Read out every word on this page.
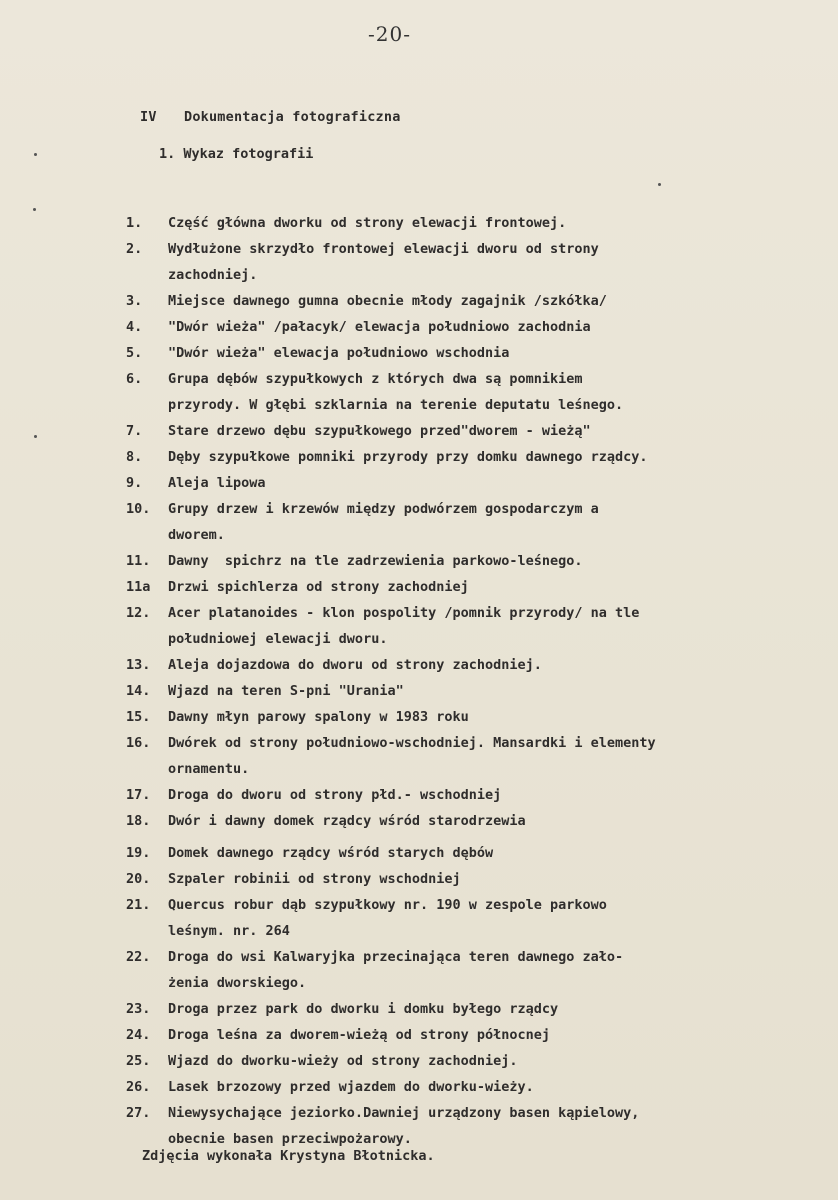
-20-
IV Dokumentacja fotograficzna
1. Wykaz fotografii
1.	Część główna dworku od strony elewacji frontowej.
2.	Wydłużone skrzydło frontowej elewacji dworu od strony
zachodniej.
3.	Miejsce dawnego gumna obecnie młody zagajnik /szkółka/
4.	"Dwór wieża" /pałacyk/ elewacja południowo zachodnia
5.	"Dwór wieża" elewacja południowo wschodnia
6.	Grupa dębów szypułkowych z których dwa są pomnikiem
przyrody. W głębi szklarnia na terenie deputatu leśnego.
7.	Stare drzewo dębu szypułkowego przed"dworem - wieżą"
8.	Dęby szypułkowe pomniki przyrody przy domku dawnego rządcy.
9.	Aleja lipowa
10.	Grupy drzew i krzewów między podwórzem gospodarczym a
dworem.
11.	Dawny  spichrz na tle zadrzewienia parkowo-leśnego.
11a	Drzwi spichlerza od strony zachodniej
12.	Acer platanoides - klon pospolity /pomnik przyrody/ na tle
południowej elewacji dworu.
13.	Aleja dojazdowa do dworu od strony zachodniej.
14.	Wjazd na teren S-pni "Urania"
15.	Dawny młyn parowy spalony w 1983 roku
16.	Dwórek od strony południowo-wschodniej. Mansardki i elementy
ornamentu.
17.	Droga do dworu od strony płd.- wschodniej
18.	Dwór i dawny domek rządcy wśród starodrzewia
19.	Domek dawnego rządcy wśród starych dębów
20.	Szpaler robinii od strony wschodniej
21.	Quercus robur dąb szypułkowy nr. 190 w zespole parkowo
leśnym. nr. 264
22.	Droga do wsi Kalwaryjka przecinająca teren dawnego zało-
żenia dworskiego.
23.	Droga przez park do dworku i domku byłego rządcy
24.	Droga leśna za dworem-wieżą od strony północnej
25.	Wjazd do dworku-wieży od strony zachodniej.
26.	Lasek brzozowy przed wjazdem do dworku-wieży.
27.	Niewysychające jeziorko.Dawniej urządzony basen kąpielowy,
obecnie basen przeciwpożarowy.
Zdjęcia wykonała Krystyna Błotnicka.
